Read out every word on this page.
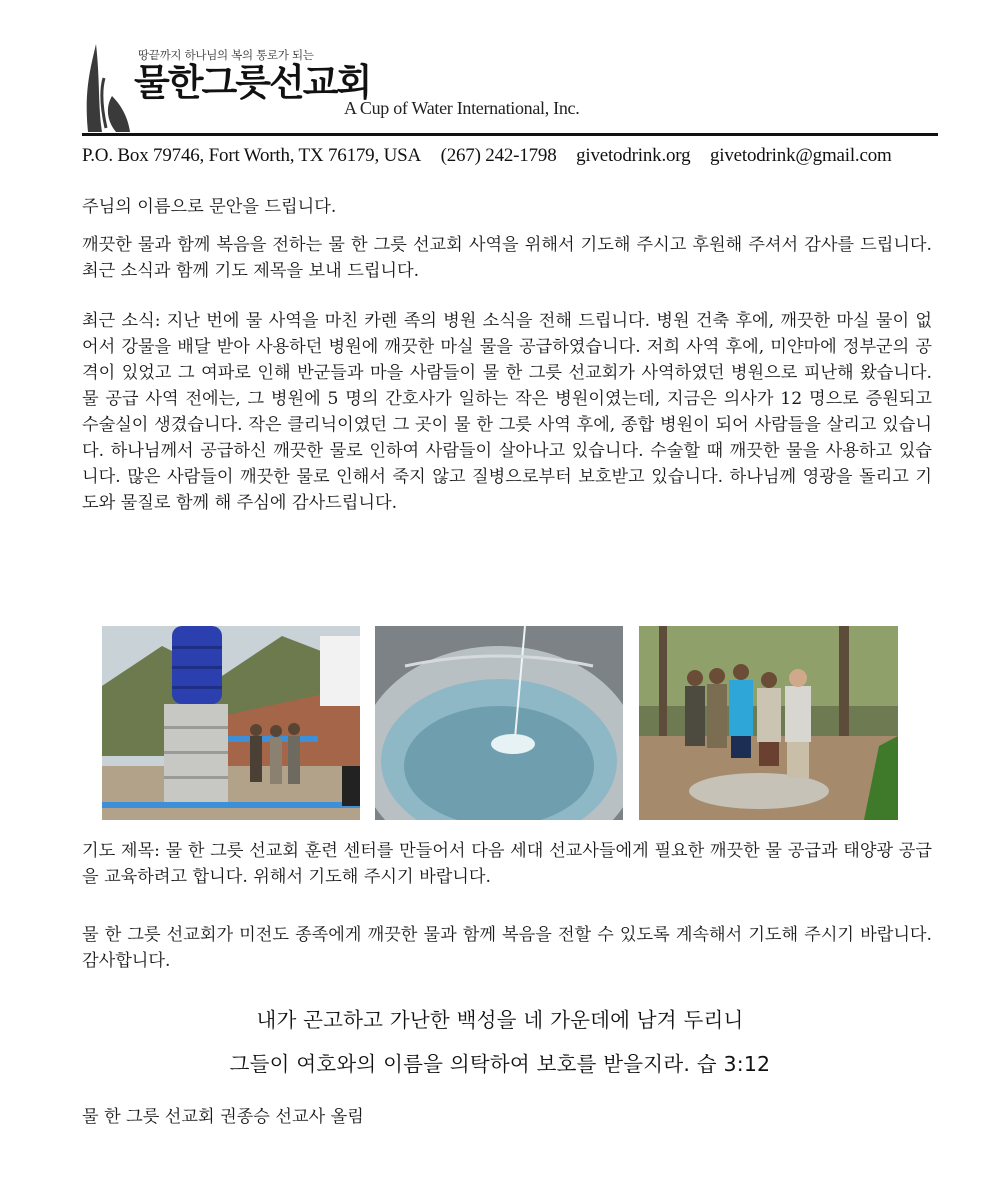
땅끝까지 하나님의 복의 통로가 되는
물한그릇선교회
A Cup of Water International, Inc.
P.O. Box 79746, Fort Worth, TX 76179, USA (267) 242-1798 givetodrink.org givetodrink@gmail.com

주님의 이름으로 문안을 드립니다.

깨끗한 물과 함께 복음을 전하는 물 한 그릇 선교회 사역을 위해서 기도해 주시고 후원해 주셔서 감사를 드립니다. 최근 소식과 함께 기도 제목을 보내 드립니다.

최근 소식: 지난 번에 물 사역을 마친 카렌 족의 병원 소식을 전해 드립니다. 병원 건축 후에, 깨끗한 마실 물이 없어서 강물을 배달 받아 사용하던 병원에 깨끗한 마실 물을 공급하였습니다. 저희 사역 후에, 미얀마에 정부군의 공격이 있었고 그 여파로 인해 반군들과 마을 사람들이 물 한 그릇 선교회가 사역하였던 병원으로 피난해 왔습니다. 물 공급 사역 전에는, 그 병원에 5 명의 간호사가 일하는 작은 병원이였는데, 지금은 의사가 12 명으로 증원되고 수술실이 생겼습니다. 작은 클리닉이였던 그 곳이 물 한 그릇 사역 후에, 종합 병원이 되어 사람들을 살리고 있습니다. 하나님께서 공급하신 깨끗한 물로 인하여 사람들이 살아나고 있습니다. 수술할 때 깨끗한 물을 사용하고 있습니다. 많은 사람들이 깨끗한 물로 인해서 죽지 않고 질병으로부터 보호받고 있습니다. 하나님께 영광을 돌리고 기도와 물질로 함께 해 주심에 감사드립니다.

기도 제목: 물 한 그릇 선교회 훈련 센터를 만들어서 다음 세대 선교사들에게 필요한 깨끗한 물 공급과 태양광 공급을 교육하려고 합니다. 위해서 기도해 주시기 바랍니다.

물 한 그릇 선교회가 미전도 종족에게 깨끗한 물과 함께 복음을 전할 수 있도록 계속해서 기도해 주시기 바랍니다. 감사합니다.

내가 곤고하고 가난한 백성을 네 가운데에 남겨 두리니
그들이 여호와의 이름을 의탁하여 보호를 받을지라. 습 3:12

물 한 그릇 선교회 권종승 선교사 올림
